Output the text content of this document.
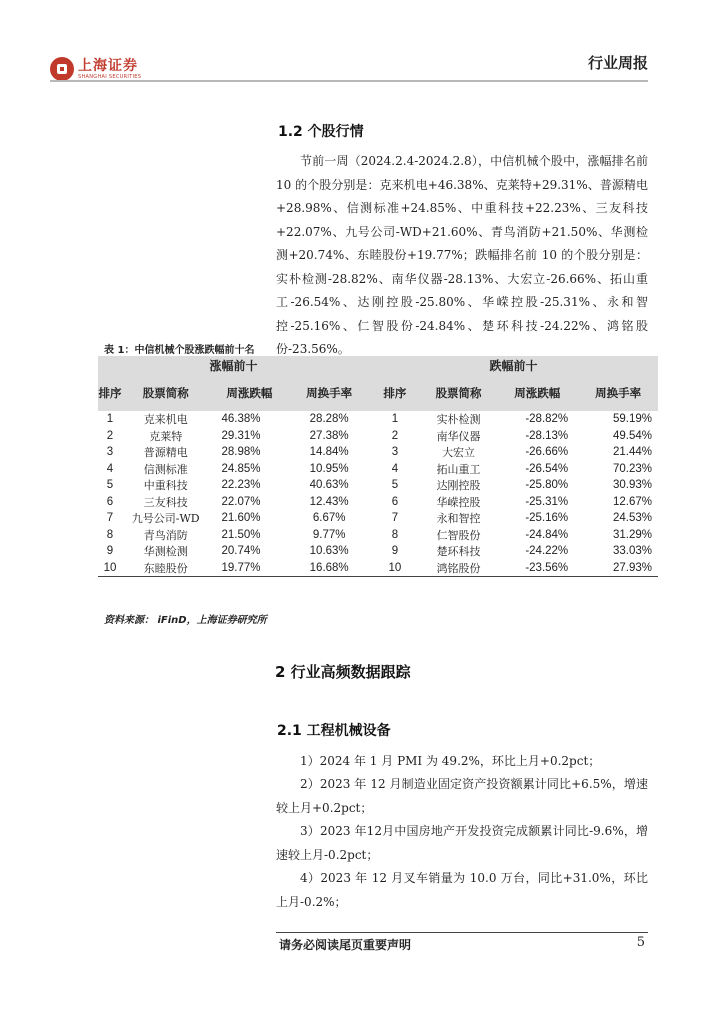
上海证券
SHANGHAI SECURITIES
行业周报
1.2 个股行情
节前一周（2024.2.4-2024.2.8），中信机械个股中，涨幅排名前 10 的个股分别是：克来机电+46.38%、克莱特+29.31%、普源精电+28.98%、信测标准+24.85%、中重科技+22.23%、三友科技+22.07%、九号公司-WD+21.60%、青鸟消防+21.50%、华测检测+20.74%、东睦股份+19.77%；跌幅排名前 10 的个股分别是：实朴检测-28.82%、南华仪器-28.13%、大宏立-26.66%、拓山重工-26.54%、达刚控股-25.80%、华嵘控股-25.31%、永和智控-25.16%、仁智股份-24.84%、楚环科技-24.22%、鸿铭股份-23.56%。
表 1：中信机械个股涨跌幅前十名
涨幅前十				跌幅前十			
排序	股票简称	周涨跌幅	周换手率	排序	股票简称	周涨跌幅	周换手率
1	克来机电	46.38%	28.28%	1	实朴检测	-28.82%	59.19%
2	克莱特	29.31%	27.38%	2	南华仪器	-28.13%	49.54%
3	普源精电	28.98%	14.84%	3	大宏立	-26.66%	21.44%
4	信测标准	24.85%	10.95%	4	拓山重工	-26.54%	70.23%
5	中重科技	22.23%	40.63%	5	达刚控股	-25.80%	30.93%
6	三友科技	22.07%	12.43%	6	华嵘控股	-25.31%	12.67%
7	九号公司-WD	21.60%	6.67%	7	永和智控	-25.16%	24.53%
8	青鸟消防	21.50%	9.77%	8	仁智股份	-24.84%	31.29%
9	华测检测	20.74%	10.63%	9	楚环科技	-24.22%	33.03%
10	东睦股份	19.77%	16.68%	10	鸿铭股份	-23.56%	27.93%
资料来源： iFinD，上海证券研究所
2 行业高频数据跟踪
2.1 工程机械设备
1）2024 年 1 月 PMI 为 49.2%，环比上月+0.2pct；
2）2023 年 12 月制造业固定资产投资额累计同比+6.5%，增速较上月+0.2pct；
3）2023 年12月中国房地产开发投资完成额累计同比-9.6%，增速较上月-0.2pct；
4）2023 年 12 月叉车销量为 10.0 万台，同比+31.0%，环比上月-0.2%；
请务必阅读尾页重要声明	5
